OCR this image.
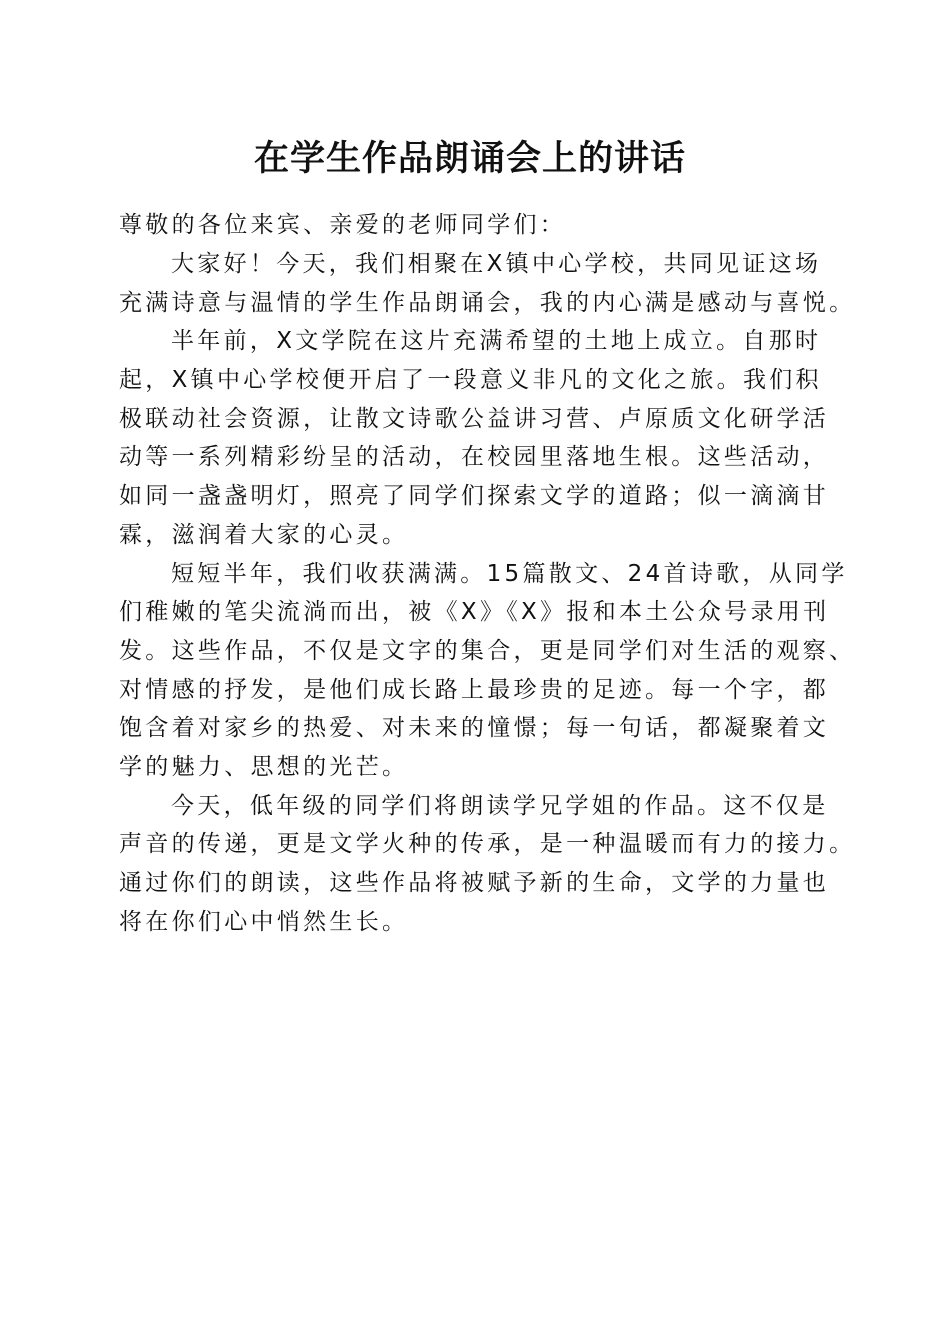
在学生作品朗诵会上的讲话
尊敬的各位来宾、亲爱的老师同学们：
大家好！今天，我们相聚在X镇中心学校，共同见证这场
充满诗意与温情的学生作品朗诵会，我的内心满是感动与喜悦。
半年前，X文学院在这片充满希望的土地上成立。自那时
起，X镇中心学校便开启了一段意义非凡的文化之旅。我们积
极联动社会资源，让散文诗歌公益讲习营、卢原质文化研学活
动等一系列精彩纷呈的活动，在校园里落地生根。这些活动，
如同一盏盏明灯，照亮了同学们探索文学的道路；似一滴滴甘
霖，滋润着大家的心灵。
短短半年，我们收获满满。15篇散文、24首诗歌，从同学
们稚嫩的笔尖流淌而出，被《X》《X》报和本土公众号录用刊
发。这些作品，不仅是文字的集合，更是同学们对生活的观察、
对情感的抒发，是他们成长路上最珍贵的足迹。每一个字，都
饱含着对家乡的热爱、对未来的憧憬；每一句话，都凝聚着文
学的魅力、思想的光芒。
今天，低年级的同学们将朗读学兄学姐的作品。这不仅是
声音的传递，更是文学火种的传承，是一种温暖而有力的接力。
通过你们的朗读，这些作品将被赋予新的生命，文学的力量也
将在你们心中悄然生长。
